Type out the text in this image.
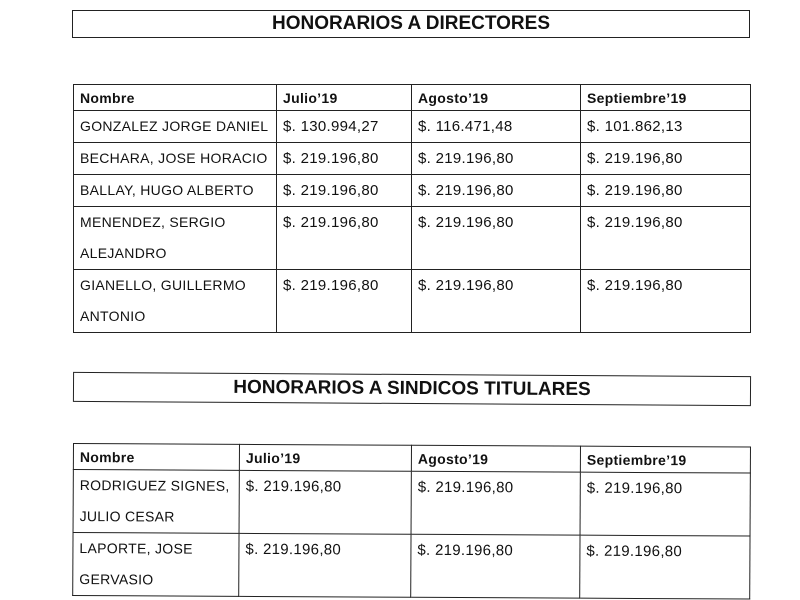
HONORARIOS A DIRECTORES
Nombre	Julio’19	Agosto’19	Septiembre’19
GONZALEZ JORGE DANIEL	$. 130.994,27	$. 116.471,48	$. 101.862,13
BECHARA, JOSE HORACIO	$. 219.196,80	$. 219.196,80	$. 219.196,80
BALLAY, HUGO ALBERTO	$. 219.196,80	$. 219.196,80	$. 219.196,80
MENENDEZ, SERGIO ALEJANDRO	$. 219.196,80	$. 219.196,80	$. 219.196,80
GIANELLO, GUILLERMO ANTONIO	$. 219.196,80	$. 219.196,80	$. 219.196,80
HONORARIOS A SINDICOS TITULARES
Nombre	Julio’19	Agosto’19	Septiembre’19
RODRIGUEZ SIGNES, JULIO CESAR	$. 219.196,80	$. 219.196,80	$. 219.196,80
LAPORTE, JOSE GERVASIO	$. 219.196,80	$. 219.196,80	$. 219.196,80
